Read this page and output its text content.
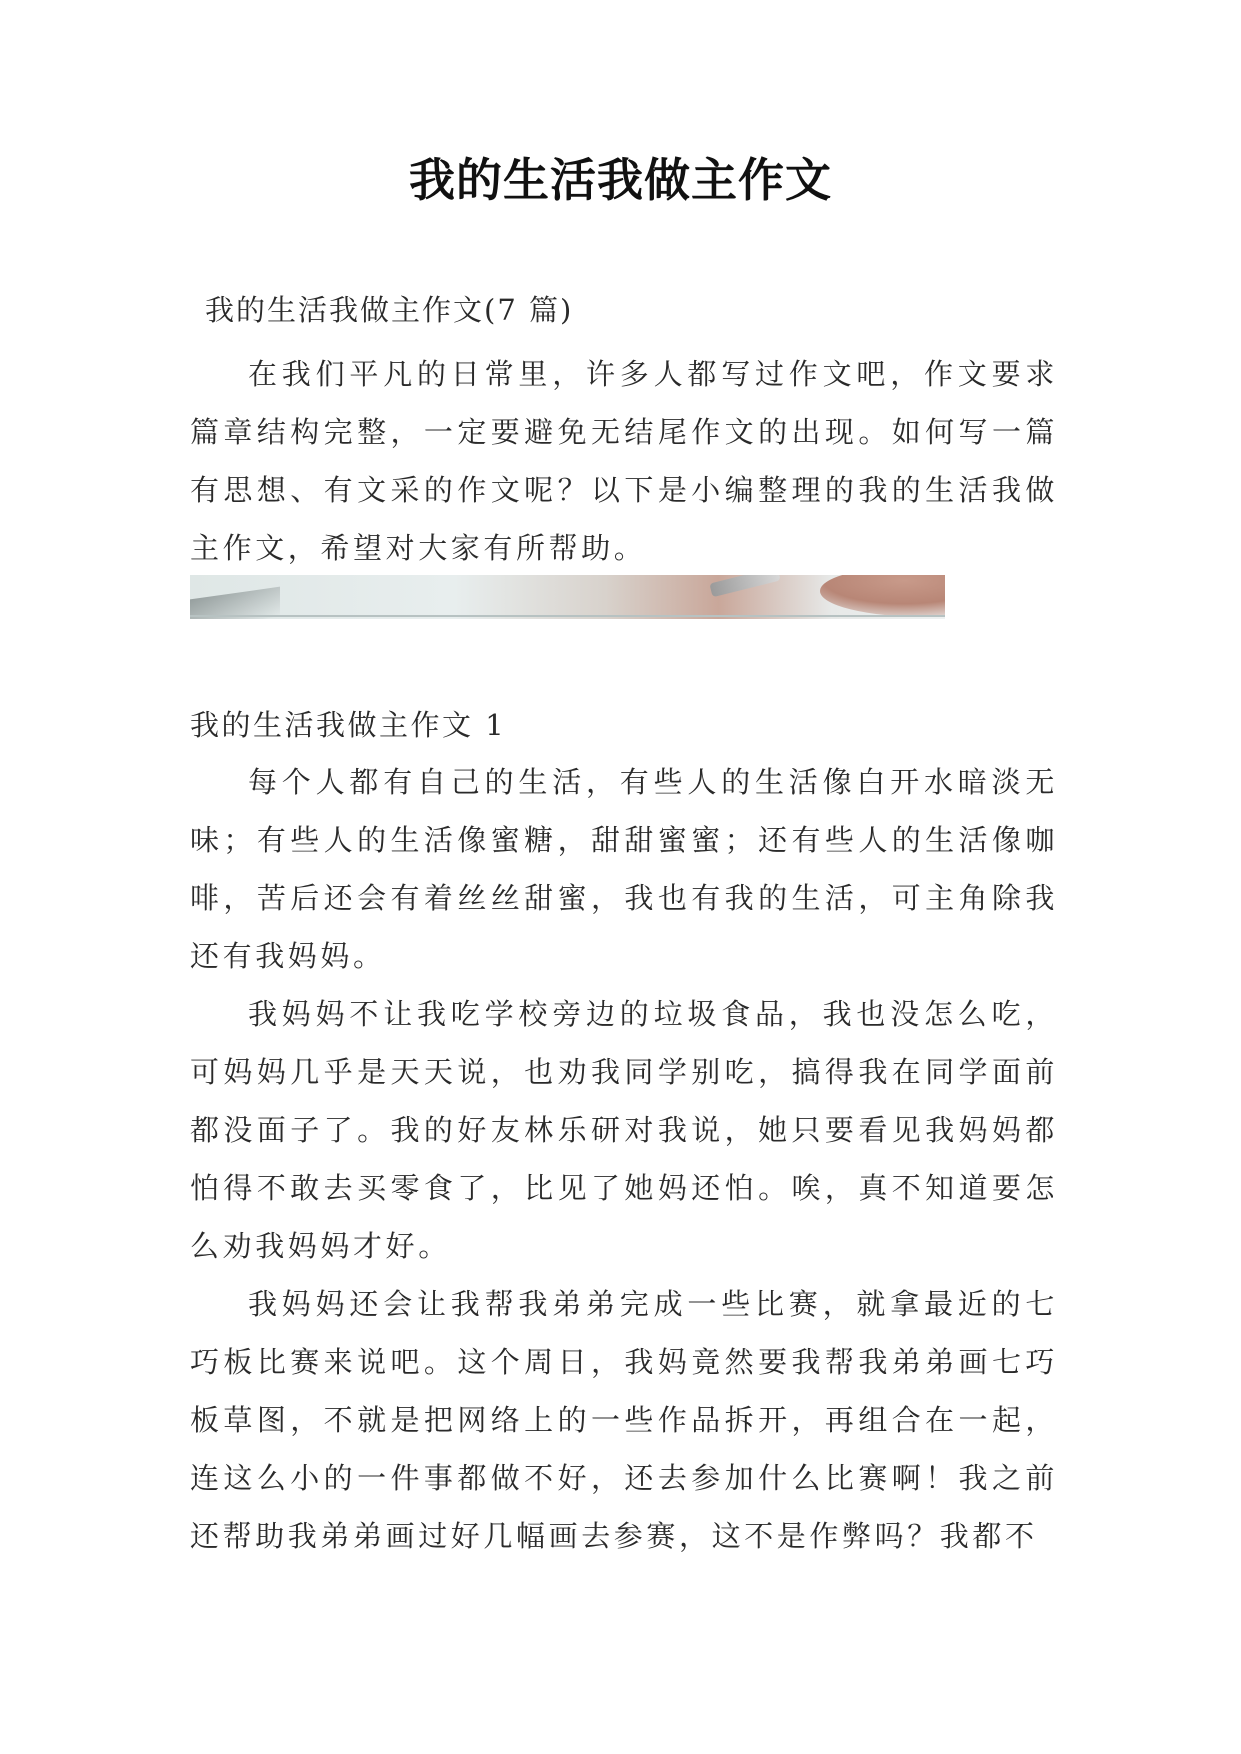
我的生活我做主作文
我的生活我做主作文(7 篇)

在我们平凡的日常里，许多人都写过作文吧，作文要求篇章结构完整，一定要避免无结尾作文的出现。如何写一篇有思想、有文采的作文呢？以下是小编整理的我的生活我做主作文，希望对大家有所帮助。

我的生活我做主作文 1

每个人都有自己的生活，有些人的生活像白开水暗淡无味；有些人的生活像蜜糖，甜甜蜜蜜；还有些人的生活像咖啡，苦后还会有着丝丝甜蜜，我也有我的生活，可主角除我还有我妈妈。

我妈妈不让我吃学校旁边的垃圾食品，我也没怎么吃，可妈妈几乎是天天说，也劝我同学别吃，搞得我在同学面前都没面子了。我的好友林乐研对我说，她只要看见我妈妈都怕得不敢去买零食了，比见了她妈还怕。唉，真不知道要怎么劝我妈妈才好。

我妈妈还会让我帮我弟弟完成一些比赛，就拿最近的七巧板比赛来说吧。这个周日，我妈竟然要我帮我弟弟画七巧板草图，不就是把网络上的一些作品拆开，再组合在一起，连这么小的一件事都做不好，还去参加什么比赛啊！我之前还帮助我弟弟画过好几幅画去参赛，这不是作弊吗？我都不
